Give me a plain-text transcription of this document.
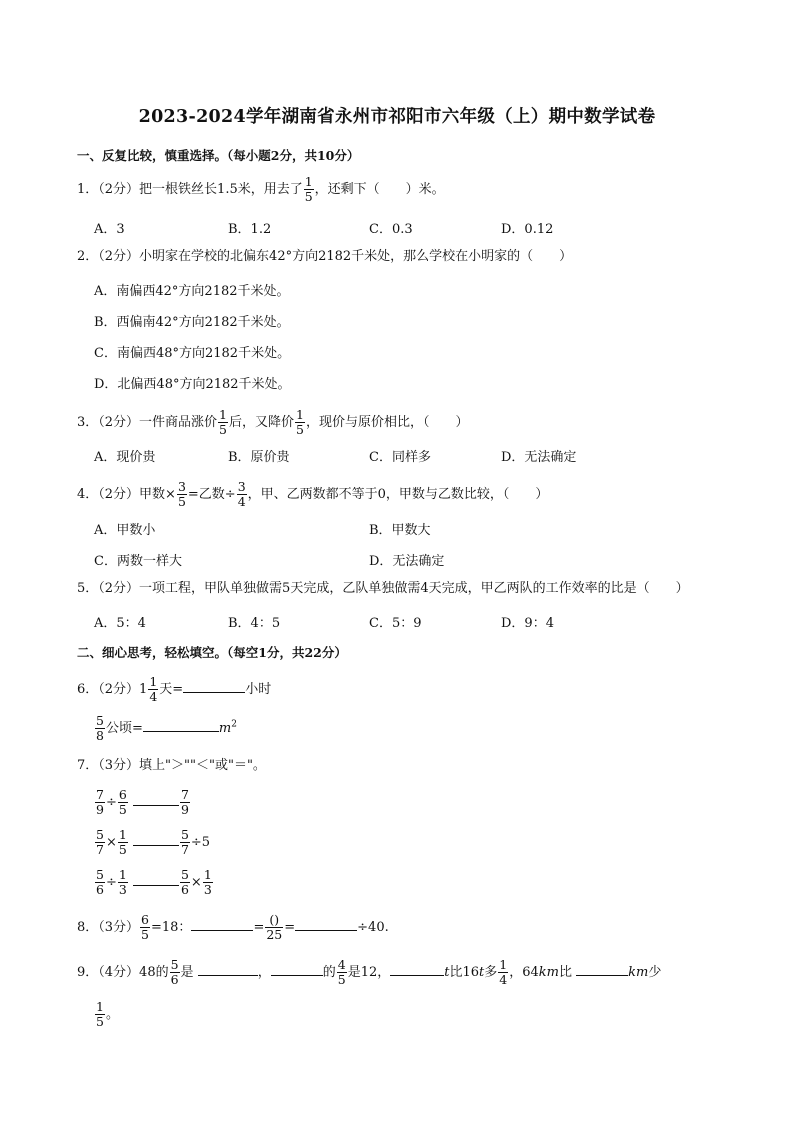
2023-2024学年湖南省永州市祁阳市六年级（上）期中数学试卷
一、反复比较，慎重选择。（每小题2分，共10分）
1．（2分）把一根铁丝长1.5米，用去了 $\frac{1}{5}$ ，还剩下（　　）米。
A．3	B．1.2	C．0.3	D．0.12
2．（2分）小明家在学校的北偏东42°方向2182千米处，那么学校在小明家的（　　）
A．南偏西42°方向2182千米处。
B．西偏南42°方向2182千米处。
C．南偏西48°方向2182千米处。
D．北偏西48°方向2182千米处。
3．（2分）一件商品涨价 $\frac{1}{5}$ 后，又降价 $\frac{1}{5}$ ，现价与原价相比，（　　）
A．现价贵	B．原价贵	C．同样多	D．无法确定
4．（2分）甲数× $\frac{3}{5}$ =乙数÷ $\frac{3}{4}$ ，甲、乙两数都不等于0，甲数与乙数比较，（　　）
A．甲数小	B．甲数大
C．两数一样大	D．无法确定
5．（2分）一项工程，甲队单独做需5天完成，乙队单独做需4天完成，甲乙两队的工作效率的比是（　　）
A．5：4	B．4：5	C．5：9	D．9：4
二、细心思考，轻松填空。（每空1分，共22分）
6．（2分）$1 \frac{1}{4}$ 天=	小时
$\frac{5}{8}$ 公顷=	$m^2$
7．（3分）填上"＞""＜"或"＝"。
$\frac{7}{9} \div \frac{6}{5}$
	$\frac{7}{9}$
$\frac{5}{7} \times \frac{1}{5}$
	$\frac{5}{7} \div 5$
$\frac{5}{6} \div \frac{1}{3}$
	$\frac{5}{6} \times \frac{1}{3}$
8．（3分） $\frac{6}{5} =18$：	=
()
25 =	÷40.
9．（4分）48的 $\frac{5}{6}$ 是	，	的 $\frac{4}{5}$ 是12，	t比16t多 $\frac{1}{4}$ ，64km比	km少
$\frac{1}{5}$ 。
